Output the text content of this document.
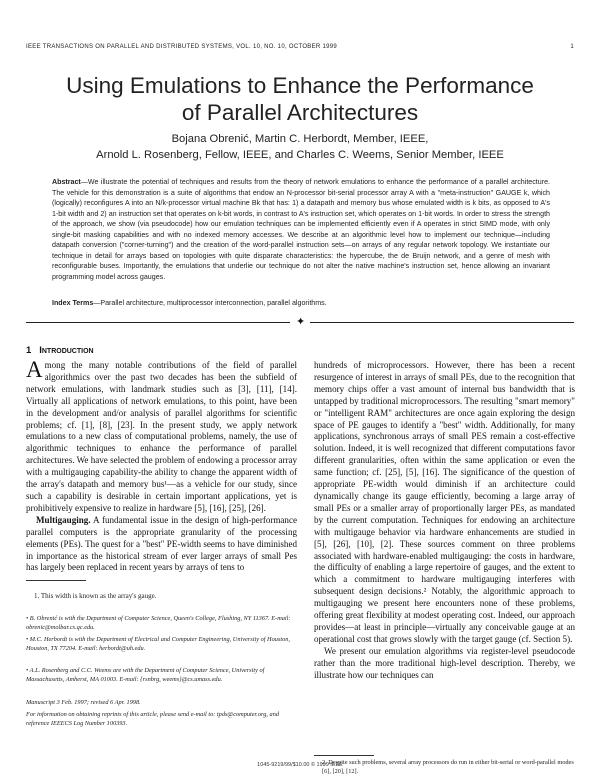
IEEE TRANSACTIONS ON PARALLEL AND DISTRIBUTED SYSTEMS, VOL. 10, NO. 10, OCTOBER 1999	1
Using Emulations to Enhance the Performance
of Parallel Architectures
Bojana Obrenić, Martin C. Herbordt, Member, IEEE,
Arnold L. Rosenberg, Fellow, IEEE, and Charles C. Weems, Senior Member, IEEE
Abstract—We illustrate the potential of techniques and results from the theory of network emulations to enhance the performance of a parallel architecture. The vehicle for this demonstration is a suite of algorithms that endow an N-processor bit-serial processor array A with a "meta-instruction" GAUGE k, which (logically) reconfigures A into an N/k-processor virtual machine Bk that has: 1) a datapath and memory bus whose emulated width is k bits, as opposed to A's 1-bit width and 2) an instruction set that operates on k-bit words, in contrast to A's instruction set, which operates on 1-bit words. In order to stress the strength of the approach, we show (via pseudocode) how our emulation techniques can be implemented efficiently even if A operates in strict SIMD mode, with only single-bit masking capabilities and with no indexed memory accesses. We describe at an algorithmic level how to implement our technique—including datapath conversion ("corner-turning") and the creation of the word-parallel instruction sets—on arrays of any regular network topology. We instantiate our technique in detail for arrays based on topologies with quite disparate characteristics: the hypercube, the de Bruijn network, and a genre of mesh with reconfigurable buses. Importantly, the emulations that underlie our technique do not alter the native machine's instruction set, hence allowing an invariant programming model across gauges.
Index Terms—Parallel architecture, multiprocessor interconnection, parallel algorithms.
✦
1 Introduction

Among the many notable contributions of the field of parallel algorithmics over the past two decades has been the subfield of network emulations, with landmark studies such as [3], [11], [14]. Virtually all applications of network emulations, to this point, have been in the development and/or analysis of parallel algorithms for scientific problems; cf. [1], [8], [23]. In the present study, we apply network emulations to a new class of computational problems, namely, the use of algorithmic techniques to enhance the performance of parallel architectures. We have selected the problem of endowing a processor array with a multigauging capability-the ability to change the apparent width of the array's datapath and memory bus¹—as a vehicle for our study, since such a capability is desirable in certain important applications, yet is prohibitively expensive to realize in hardware [5], [16], [25], [26].

Multigauging. A fundamental issue in the design of high-performance parallel computers is the appropriate granularity of the processing elements (PEs). The quest for a "best" PE-width seems to have diminished in importance as the historical stream of ever larger arrays of small Pes has largely been replaced in recent years by arrays of tens to

hundreds of microprocessors. However, there has been a recent resurgence of interest in arrays of small PEs, due to the recognition that memory chips offer a vast amount of internal bus bandwidth that is untapped by traditional microprocessors. The resulting "smart memory" or "intelligent RAM" architectures are once again exploring the design space of PE gauges to identify a "best" width. Additionally, for many applications, synchronous arrays of small PES remain a cost-effective solution. Indeed, it is well recognized that different computations favor different granularities, often within the same application or even the same function; cf. [25], [5], [16]. The significance of the question of appropriate PE-width would diminish if an architecture could dynamically change its gauge efficiently, becoming a large array of small PEs or a smaller array of proportionally larger PEs, as mandated by the current computation. Techniques for endowing an architecture with multigauge behavior via hardware enhancements are studied in [5], [26], [10], [2]. These sources comment on three problems associated with hardware-enabled multigauging: the costs in hardware, the difficulty of enabling a large repertoire of gauges, and the extent to which a commitment to hardware multigauging interferes with subsequent design decisions.² Notably, the algorithmic approach to multigauging we present here encounters none of these problems, offering great flexibility at modest operating cost. Indeed, our approach provides—at least in principle—virtually any conceivable gauge at an operational cost that grows slowly with the target gauge (cf. Section 5).

We present our emulation algorithms via register-level pseudocode rather than the more traditional high-level description. Thereby, we illustrate how our techniques can

1. This width is known as the array's gauge.
• B. Obrenić is with the Department of Computer Science, Queen's College, Flushing, NY 11367. E-mail: obrenic@molbar.cs.qc.edu.
• M.C. Herbordt is with the Department of Electrical and Computer Engineering, University of Houston, Houston, TX 77204. E-mail: herbordt@uh.edu.
• A.L. Rosenberg and C.C. Weems are with the Department of Computer Science, University of Massachusetts, Amherst, MA 01003. E-mail: {rsnbrg, weems}@cs.umass.edu.
Manuscript 3 Feb. 1997; revised 6 Apr. 1998.
For information on obtaining reprints of this article, please send e-mail to: tpds@computer.org, and reference IEEECS Log Number 100393.
2. Despite such problems, several array processors do run in either bit-serial or word-parallel modes [6], [20], [12].
1045-9219/99/$10.00 © 1999 IEEE
